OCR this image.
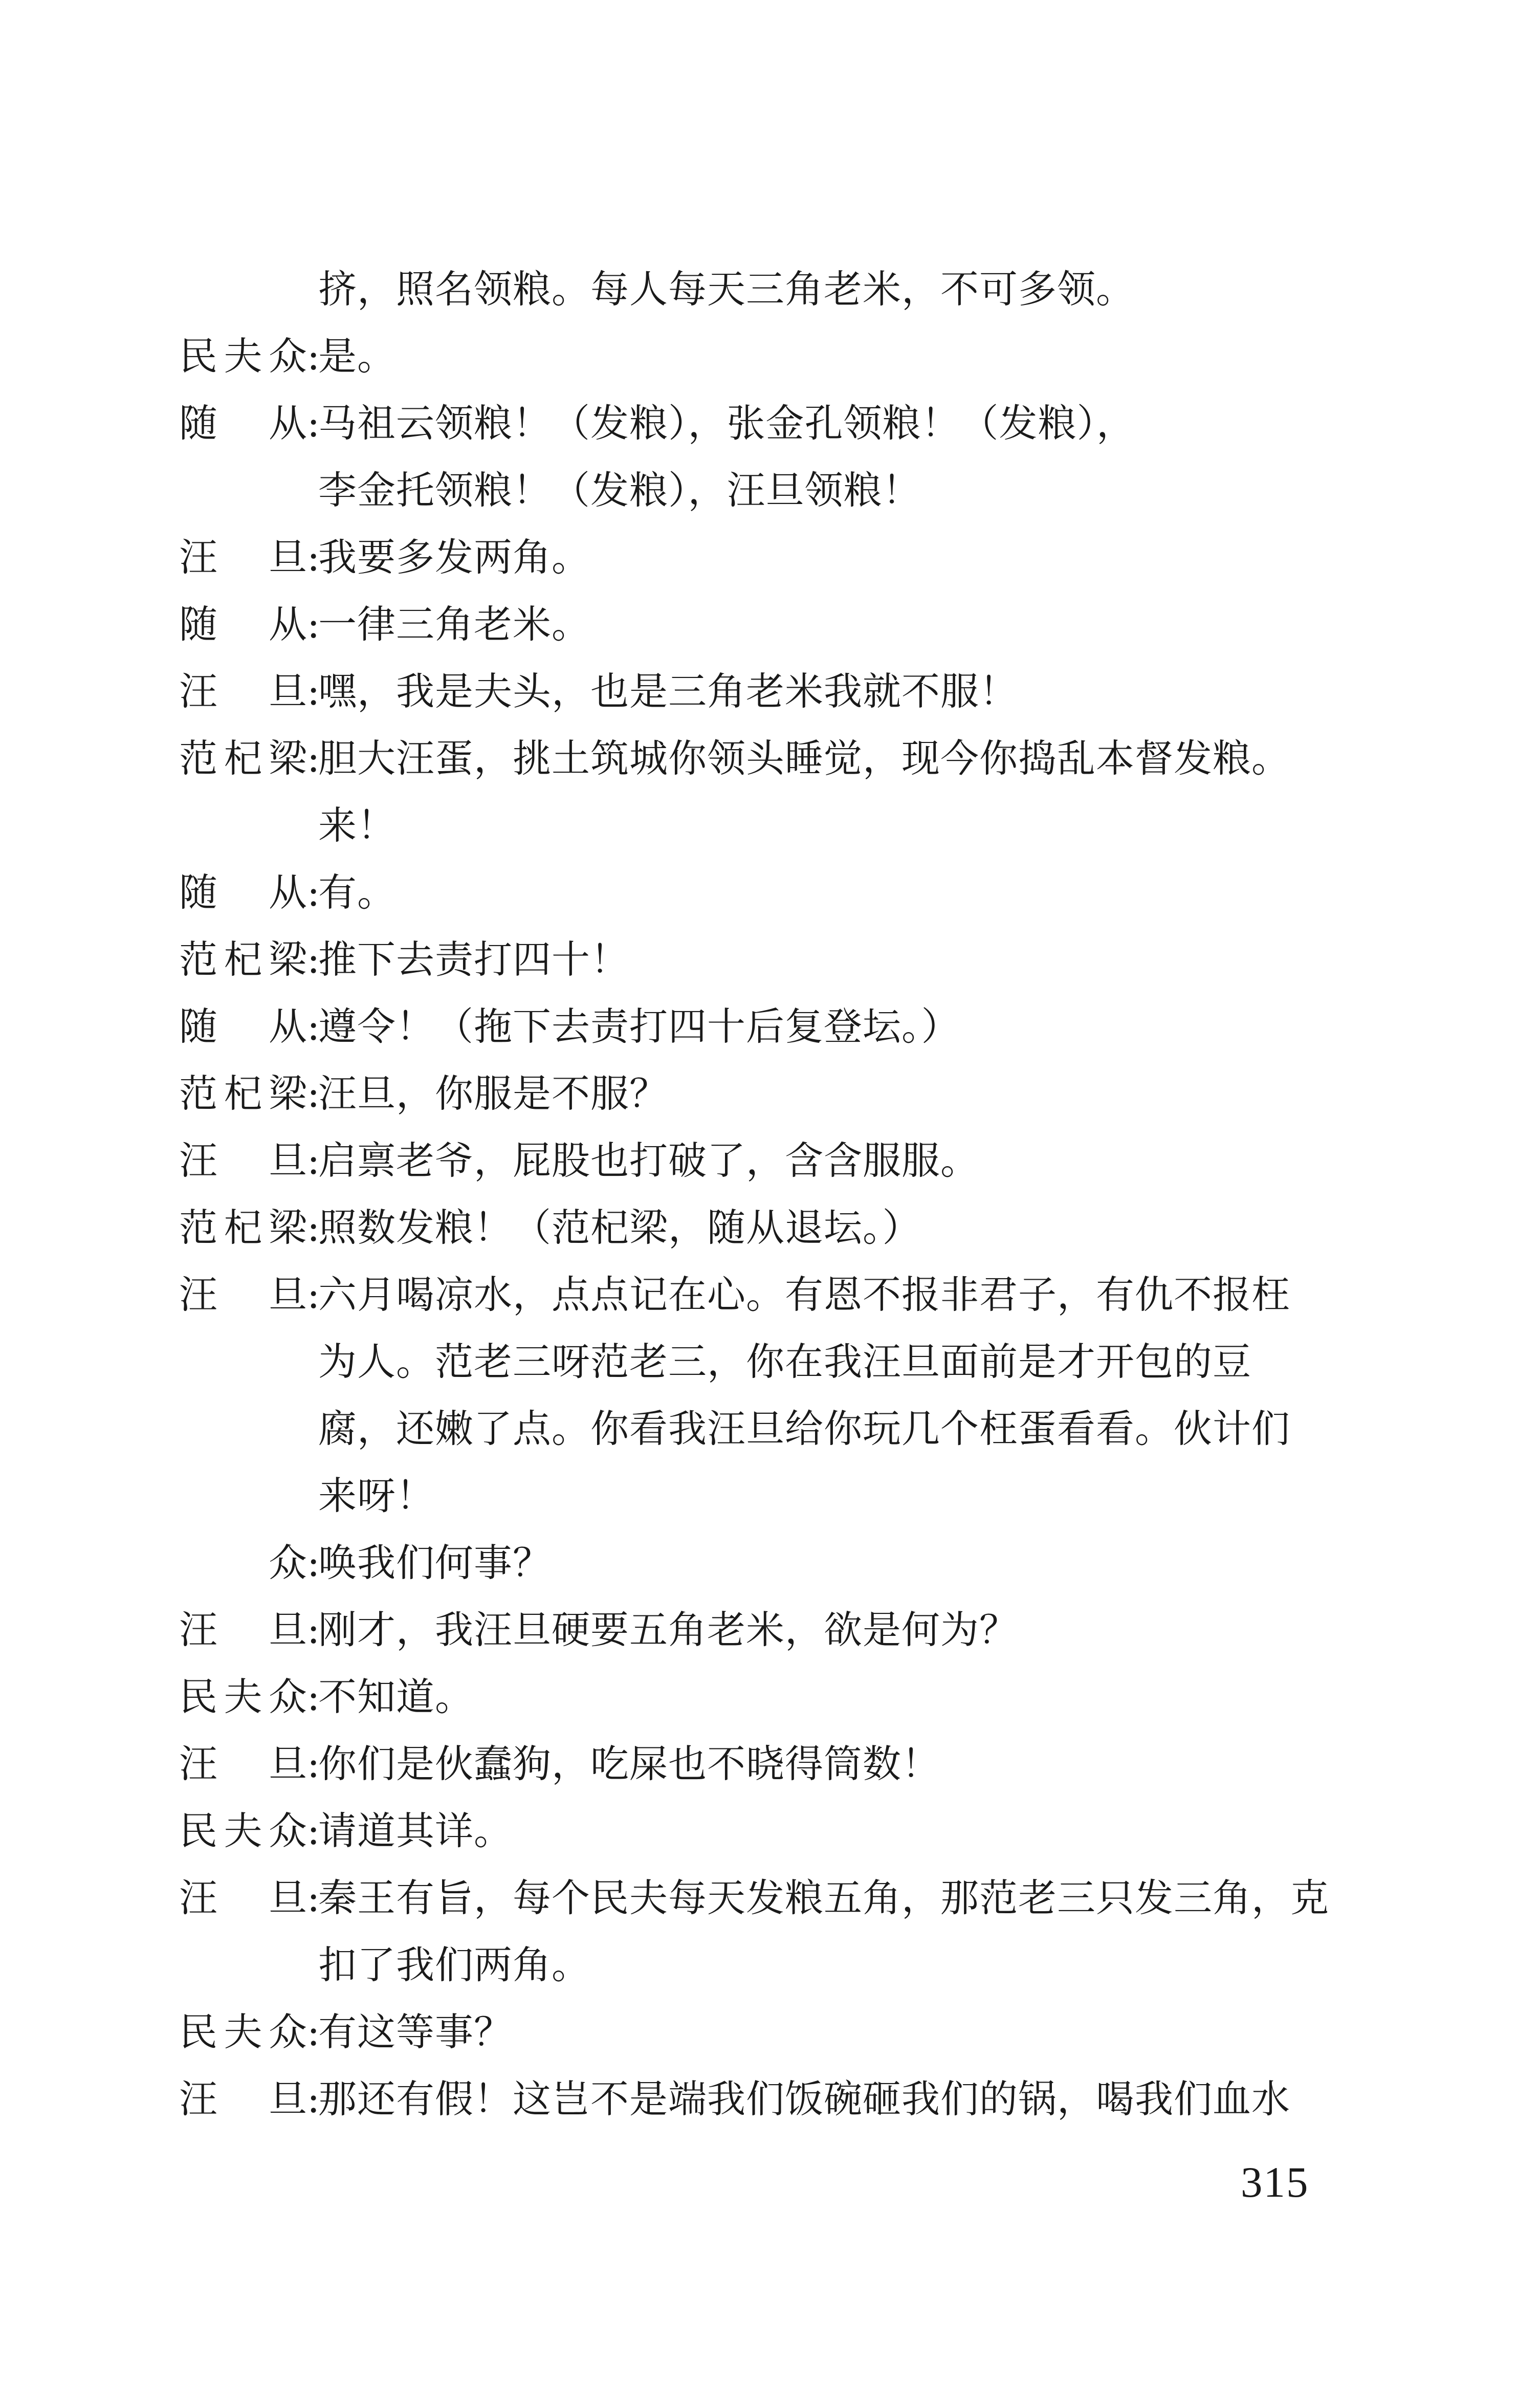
挤，照名领粮。每人每天三角老米，不可多领。
民夫众 :
是。
随　从 :
马祖云领粮！（发粮），张金孔领粮！（发粮），
李金托领粮！（发粮），汪旦领粮！
汪　旦 :
我要多发两角。
随　从 :
一律三角老米。
汪　旦 :
嘿，我是夫头，也是三角老米我就不服！
范杞梁 :
胆大汪蛋，挑土筑城你领头睡觉，现今你捣乱本督发粮。
来！
随　从 :
有。
范杞梁 :
推下去责打四十！
随　从 :
遵令！（拖下去责打四十后复登坛。）
范杞梁 :
汪旦，你服是不服？
汪　旦 :
启禀老爷，屁股也打破了，含含服服。
范杞梁 :
照数发粮！（范杞梁，随从退坛。）
汪　旦 :
六月喝凉水，点点记在心。有恩不报非君子，有仇不报枉
为人。范老三呀范老三，你在我汪旦面前是才开包的豆
腐，还嫩了点。你看我汪旦给你玩几个枉蛋看看。伙计们
来呀！
众 :
唤我们何事？
汪　旦 :
刚才，我汪旦硬要五角老米，欲是何为？
民夫众 :
不知道。
汪　旦 :
你们是伙蠢狗，吃屎也不晓得筒数！
民夫众 :
请道其详。
汪　旦 :
秦王有旨，每个民夫每天发粮五角，那范老三只发三角，克
扣了我们两角。
民夫众 :
有这等事？
汪　旦 :
那还有假！这岂不是端我们饭碗砸我们的锅，喝我们血水
315
